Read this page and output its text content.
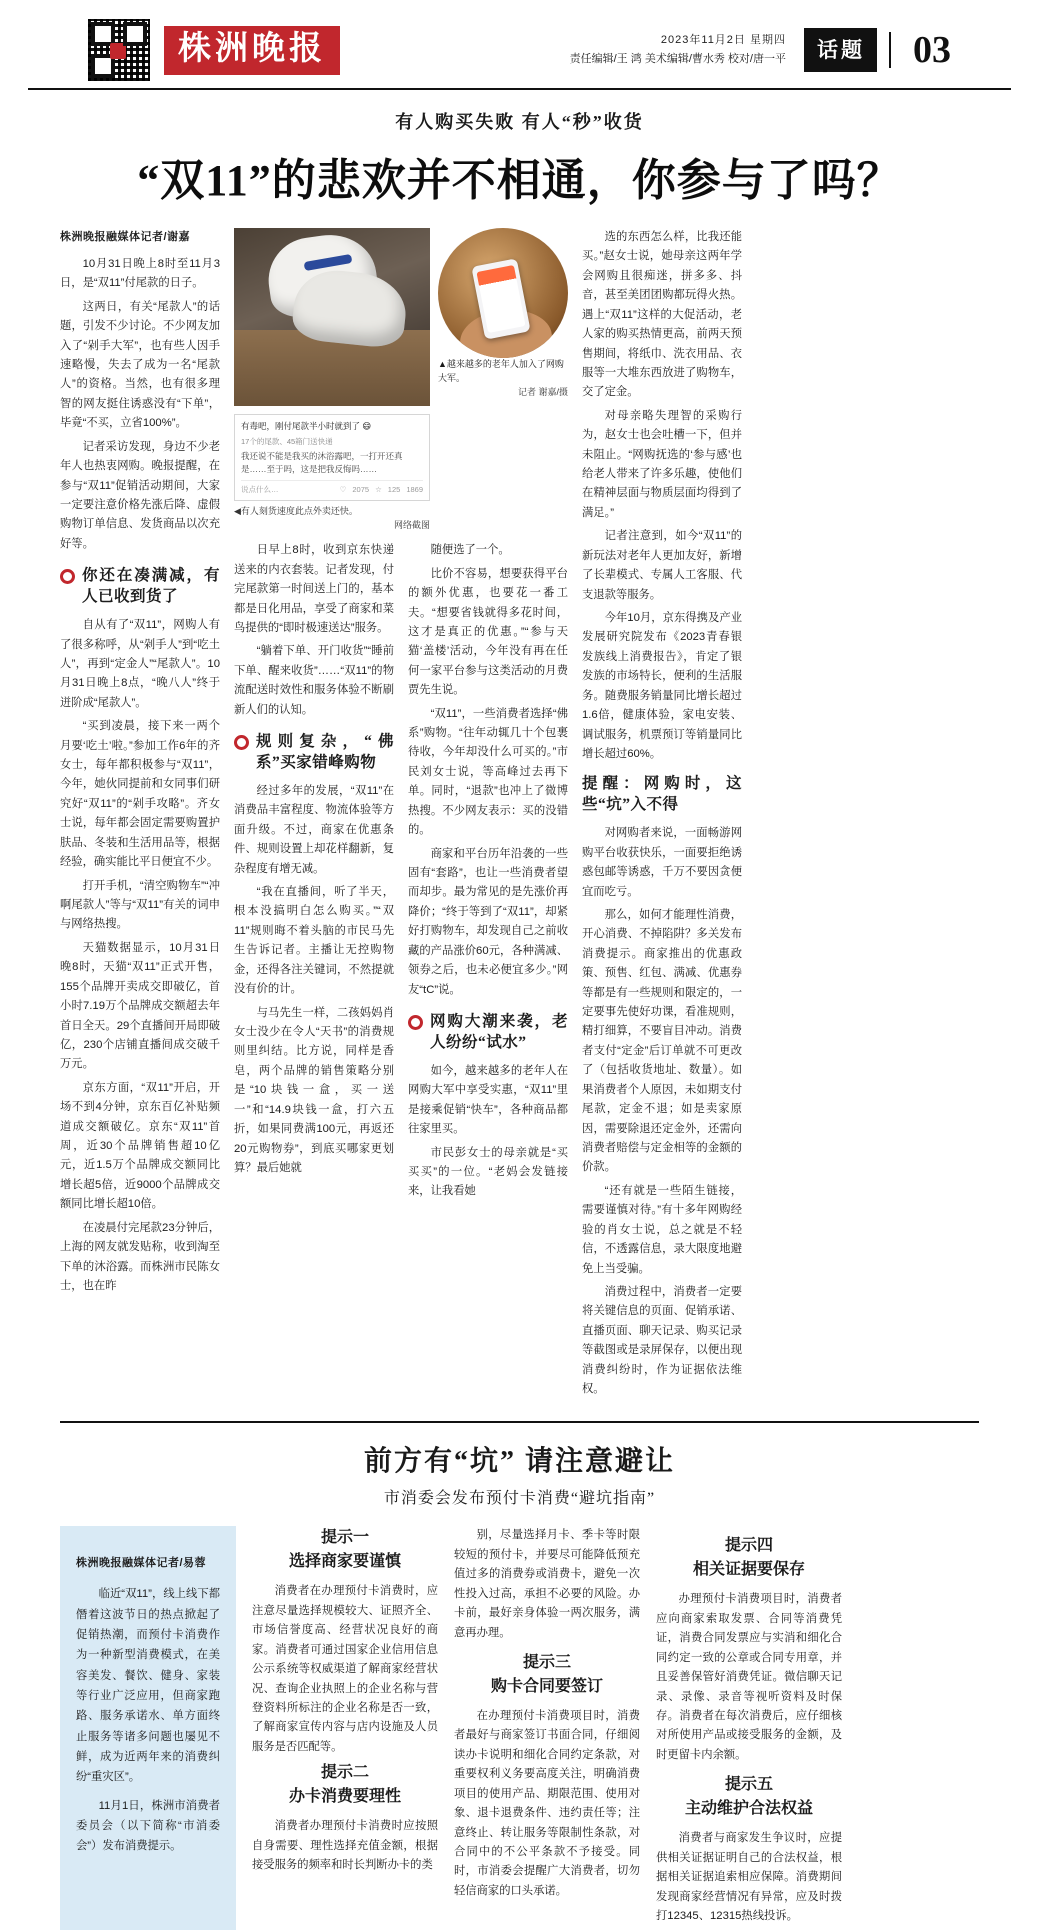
株洲晚报	2023年11月2日 星期四
责任编辑/王 鸿 美术编辑/曹水秀 校对/唐一平	话题	03
有人购买失败 有人“秒”收货
“双11”的悲欢并不相通，你参与了吗？
株洲晚报融媒体记者/谢嘉

10月31日晚上8时至11月3日，是“双11”付尾款的日子。

这两日，有关“尾款人”的话题，引发不少讨论。不少网友加入了“剁手大军”，也有些人因手速略慢，失去了成为一名“尾款人”的资格。当然，也有很多理智的网友挺住诱惑没有“下单”，毕竟“不买，立省100%”。

记者采访发现，身边不少老年人也热衷网购。晚报提醒，在参与“双11”促销活动期间，大家一定要注意价格先涨后降、虚假购物订单信息、发货商品以次充好等。

你还在凑满减，有人已收到货了

自从有了“双11”，网购人有了很多称呼，从“剁手人”到“吃土人”，再到“定金人”“尾款人”。10月31日晚上8点，“晚八人”终于迸阶成“尾款人”。

“买到凌晨，接下来一两个月要‘吃土’啦。”参加工作6年的齐女士，每年都积极参与“双11”，今年，她伙同提前和女同事们研究好“双11”的“剁手攻略”。齐女士说，每年都会固定需要购置护肤品、冬装和生活用品等，根据经验，确实能比平日便宜不少。

打开手机，“清空购物车”“冲啊尾款人”等与“双11”有关的词申与网络热搜。

天猫数据显示，10月31日晚8时，天猫“双11”正式开售，155个品牌开卖成交即破亿，首小时7.19万个品牌成交额超去年首日全天。29个直播间开局即破亿，230个店铺直播间成交破千万元。

京东方面，“双11”开启，开场不到4分钟，京东百亿补贴频道成交额破亿。京东“双11”首周，近30个品牌销售超10亿元，近1.5万个品牌成交额同比增长超5倍，近9000个品牌成交额同比增长超10倍。

在凌晨付完尾款23分钟后，上海的网友就发贴称，收到淘至下单的沐浴露。而株洲市民陈女士，也在昨

▲越来越多的老年人加入了网购大军。
记者 谢嘉/摄
有毒吧，刚付尾款半小时就到了 😄
17个的尾款、45箱门送快递
我还说不能是我买的沐浴露吧，一打开还真是……至于吗，这是把我反悔吗……
说点什么…	♡ 2075 ☆ 125 1869
◀有人刻货速度此点外卖还快。
网络截图

日早上8时，收到京东快递送来的内衣套装。记者发现，付完尾款第一时间送上门的，基本都是日化用品，享受了商家和菜鸟提供的“即时极速送达”服务。

“躺着下单、开门收货”“睡前下单、醒来收货”……“双11”的物流配送时效性和服务体验不断刷新人们的认知。

规则复杂，“佛系”买家错峰购物

经过多年的发展，“双11”在消费品丰富程度、物流体验等方面升级。不过，商家在优惠条件、规则设置上却花样翻新，复杂程度有增无减。

“我在直播间，听了半天，根本没搞明白怎么购买。”“双11”规则晦不着头脑的市民马先生告诉记者。主播让无控购物金，还得各注关键词，不然提就没有价的计。

与马先生一样，二孩妈妈肖女士没少在令人“天书”的消费规则里纠结。比方说，同样是香皂，两个品牌的销售策略分别是“10块钱一盒，买一送一”和“14.9块钱一盒，打六五折，如果同费满100元，再返还20元购物券”，到底买哪家更划算？最后她就

随便选了一个。

比价不容易，想要获得平台的额外优惠，也要花一番工夫。“想要省钱就得多花时间，这才是真正的优惠。”“参与天猫‘盖楼’活动，今年没有再在任何一家平台参与这类活动的月费贾先生说。

“双11”，一些消费者选择“佛系”购物。“往年动辄几十个包裹待收，今年却没什么可买的。”市民刘女士说，等高峰过去再下单。同时，“退款”也冲上了微博热搜。不少网友表示：买的没错的。

商家和平台历年沿袭的一些固有“套路”，也让一些消费者望而却步。最为常见的是先涨价再降价；“终于等到了“双11”，却紧好打购物车，却发现自己之前收藏的产品涨价60元，各种满减、领券之后，也未必便宜多少。”网友“tC”说。

网购大潮来袭，老人纷纷“试水”

如今，越来越多的老年人在网购大军中享受实惠，“双11”里是接乘促销“快车”，各种商品都往家里买。

市民彭女士的母亲就是“买买买”的一位。“老妈会发链接来，让我看她

选的东西怎么样，比我还能买。”赵女士说，她母亲这两年学会网购且很痴迷，拼多多、抖音，甚至美团团购都玩得火热。遇上“双11”这样的大促活动，老人家的购买热情更高，前两天预售期间，将纸巾、洗衣用品、衣服等一大堆东西放进了购物车，交了定金。

对母亲略失理智的采购行为，赵女士也会吐槽一下，但并未阻止。“网购抚选的‘参与感’也给老人带来了许多乐趣，使他们在精神层面与物质层面均得到了满足。”

记者注意到，如今“双11”的新玩法对老年人更加友好，新增了长辈模式、专属人工客服、代支退款等服务。

今年10月，京东得携及产业发展研究院发布《2023青春银发族线上消费报告》，肯定了银发族的市场特长，便利的生活服务。随费服务销量同比增长超过1.6倍，健康体验，家电安装、调试服务，机票预订等销量同比增长超过60%。

提醒：网购时，这些“坑”入不得

对网购者来说，一面畅游网购平台收获快乐，一面要拒绝诱惑包邮等诱惑，千万不要因贪便宜而吃亏。

那么，如何才能理性消费，开心消费、不掉陷阱？多关发布消费提示。商家推出的优惠政策、预售、红包、满减、优惠券等都是有一些规则和限定的，一定要事先使好功课，看准规则，精打细算，不要盲目冲动。消费者支付“定金”后订单就不可更改了（包括收货地址、数量）。如果消费者个人原因，未如期支付尾款，定金不退；如是卖家原因，需要除退还定金外，还需向消费者赔偿与定金相等的金额的价款。

“还有就是一些陌生链接，需要谨慎对待。”有十多年网购经验的肖女士说，总之就是不轻信，不透露信息，录大限度地避免上当受骗。

消费过程中，消费者一定要将关键信息的页面、促销承诺、直播页面、聊天记录、购买记录等截图或是录屏保存，以便出现消费纠纷时，作为证据依法维权。

前方有“坑” 请注意避让
市消委会发布预付卡消费“避坑指南”
株洲晚报融媒体记者/易蓉

临近“双11”，线上线下都僭着这波节日的热点掀起了促销热潮，而预付卡消费作为一种新型消费模式，在美容美发、餐饮、健身、家装等行业广泛应用，但商家跑路、服务承诺水、单方面终止服务等诸多问题也屡见不鲜，成为近两年来的消费纠纷“重灾区”。

11月1日，株洲市消费者委员会（以下简称“市消委会”）发布消费提示。

提示一
选择商家要谨慎

消费者在办理预付卡消费时，应注意尽量选择规模较大、证照齐全、市场信誉度高、经营状况良好的商家。消费者可通过国家企业信用信息公示系统等权威渠道了解商家经营状况、查询企业执照上的企业名称与营登资料所标注的企业名称是否一致，了解商家宣传内容与店内设施及人员服务是否匹配等。

提示二
办卡消费要理性

消费者办理预付卡消费时应按照自身需要、理性选择充值金额，根据接受服务的频率和时长判断办卡的类

别，尽量选择月卡、季卡等时限较短的预付卡，并要尽可能降低预充值过多的消费券或消费卡，避免一次性投入过高，承担不必要的风险。办卡前，最好亲身体验一两次服务，满意再办理。

提示三
购卡合同要签订

在办理预付卡消费项目时，消费者最好与商家签订书面合同，仔细阅读办卡说明和细化合同约定条款，对重要权利义务要高度关注，明确消费项目的使用产品、期限范围、使用对象、退卡退费条件、违约责任等；注意终止、转让服务等限制性条款，对合同中的不公平条款不予接受。同时，市消委会提醒广大消费者，切勿轻信商家的口头承诺。

提示四
相关证据要保存

办理预付卡消费项目时，消费者应向商家索取发票、合同等消费凭证，消费合同发票应与实消和细化合同约定一致的公章或合同专用章，并且妥善保管好消费凭证。微信聊天记录、录像、录音等视听资料及时保存。消费者在每次消费后，应仔细核对所使用产品或接受服务的金额，及时更留卡内余额。

提示五
主动维护合法权益

消费者与商家发生争议时，应提供相关证据证明自己的合法权益，根据相关证据追索相应保障。消费期间发现商家经营情况有异常，应及时拨打12345、12315热线投诉。
